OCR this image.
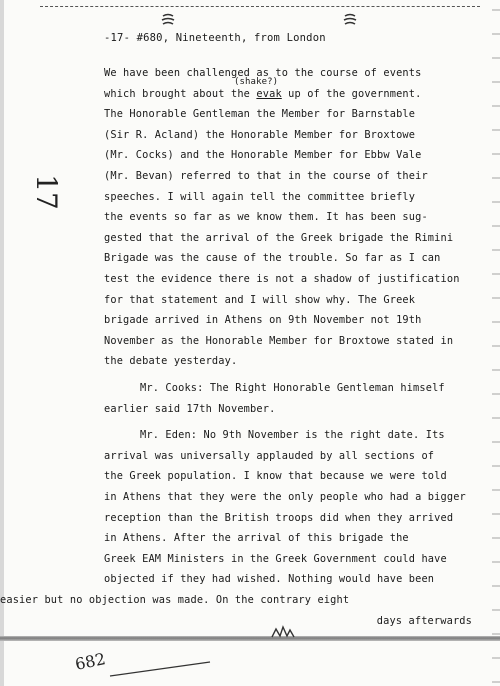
-17- #680, Nineteenth, from London
17
(shake?)
We have been challenged as to the course of events
which brought about the evak up of the government.
The Honorable Gentleman the Member for Barnstable
(Sir R. Acland) the Honorable Member for Broxtowe
(Mr. Cocks) and the Honorable Member for Ebbw Vale
(Mr. Bevan) referred to that in the course of their
speeches. I will again tell the committee briefly
the events so far as we know them. It has been sug-
gested that the arrival of the Greek brigade the Rimini
Brigade was the cause of the trouble. So far as I can
test the evidence there is not a shadow of justification
for that statement and I will show why. The Greek
brigade arrived in Athens on 9th November not 19th
November as the Honorable Member for Broxtowe stated in
the debate yesterday.
Mr. Cooks: The Right Honorable Gentleman himself
earlier said 17th November.
Mr. Eden: No 9th November is the right date. Its
arrival was universally applauded by all sections of
the Greek population. I know that because we were told
in Athens that they were the only people who had a bigger
reception than the British troops did when they arrived
in Athens. After the arrival of this brigade the
Greek EAM Ministers in the Greek Government could have
objected if they had wished. Nothing would have been
682
easier but no objection was made. On the contrary eight
days afterwards
